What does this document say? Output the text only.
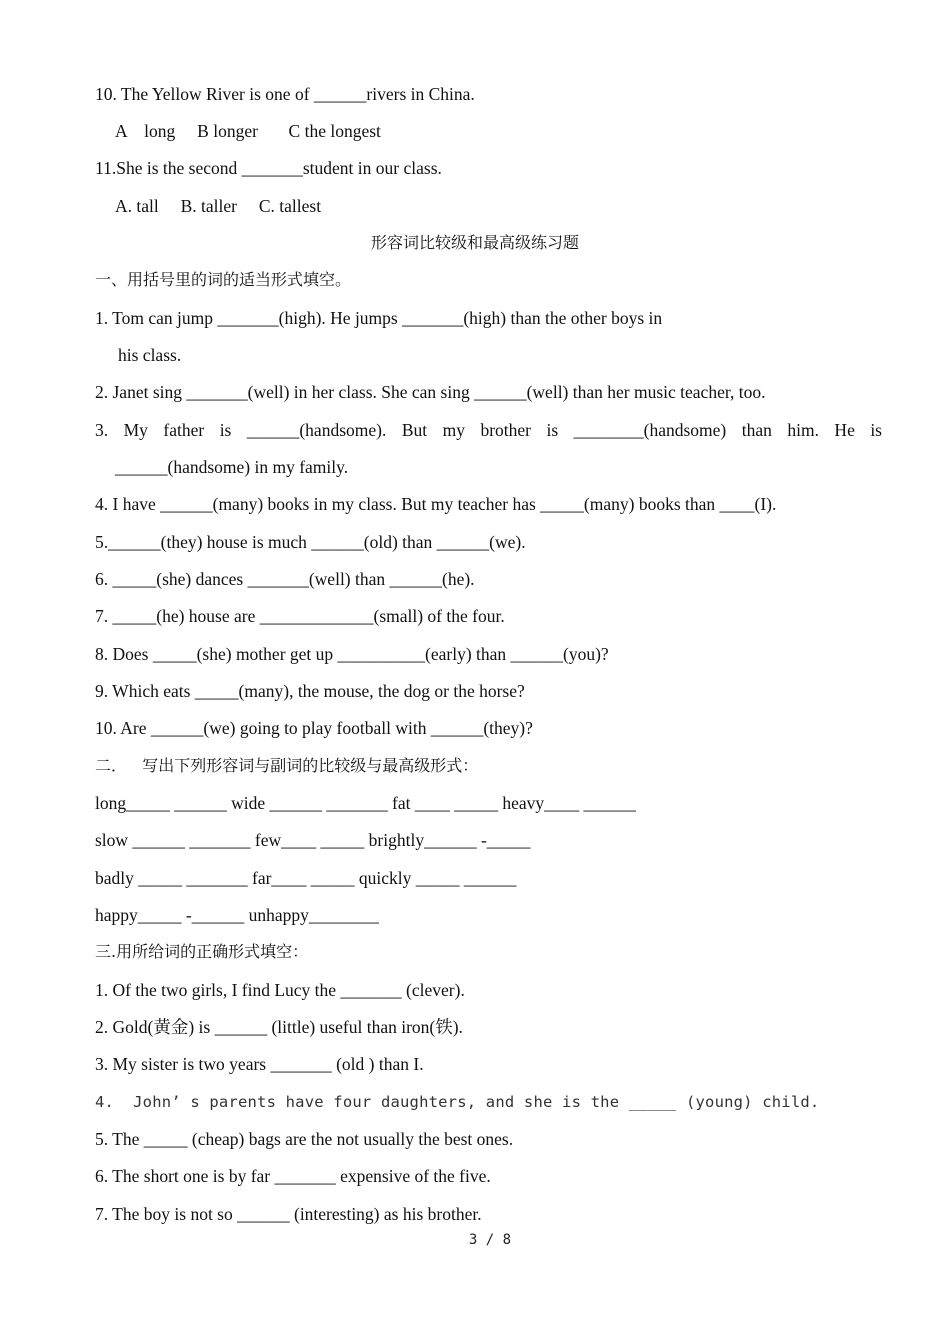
10. The Yellow River is one of ______rivers in China.
A    long     B longer       C the longest
11.She is the second _______student in our class.
A. tall     B. taller     C. tallest
形容词比较级和最高级练习题
一、用括号里的词的适当形式填空。
1. Tom can jump _______(high). He jumps _______(high) than the other boys in
his class.
2. Janet sing _______(well) in her class. She can sing ______(well) than her music teacher, too.
3. My father is ______(handsome). But my brother is ________(handsome) than him. He is
______(handsome) in my family.
4. I have ______(many) books in my class. But my teacher has _____(many) books than ____(I).
5.______(they) house is much ______(old) than ______(we).
6. _____(she) dances _______(well) than ______(he).
7. _____(he) house are _____________(small) of the four.
8. Does _____(she) mother get up __________(early) than ______(you)?
9. Which eats _____(many), the mouse, the dog or the horse?
10. Are ______(we) going to play football with ______(they)?
二．   写出下列形容词与副词的比较级与最高级形式：
long_____ ______ wide ______ _______ fat ____ _____ heavy____ ______
slow ______ _______ few____ _____ brightly______ -_____
badly _____ _______ far____ _____ quickly _____ ______
happy_____ -______ unhappy________
三.用所给词的正确形式填空：
1. Of the two girls, I find Lucy the _______ (clever).
2. Gold(黄金) is ______ (little) useful than iron(铁).
3. My sister is two years _______ (old ) than I.
4.  John’ s parents have four daughters, and she is the _____ (young) child.
5. The _____ (cheap) bags are the not usually the best ones.
6. The short one is by far _______ expensive of the five.
7. The boy is not so ______ (interesting) as his brother.
3 / 8
